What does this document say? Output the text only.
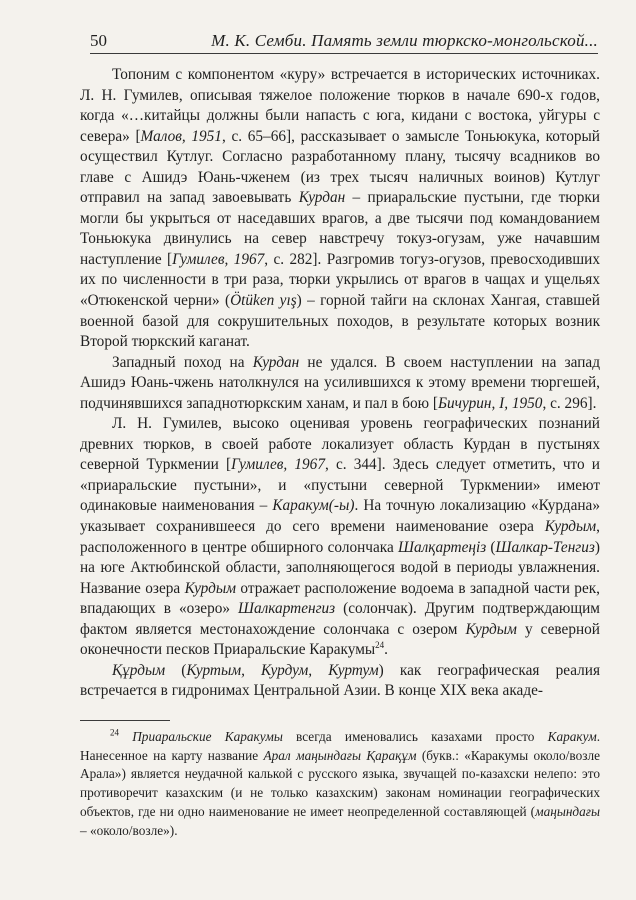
50	М. К. Семби. Память земли тюркско-монгольской...

Топоним с компонентом «куру» встречается в исторических источниках. Л. Н. Гумилев, описывая тяжелое положение тюрков в начале 690-х годов, когда «…китайцы должны были напасть с юга, кидани с востока, уйгуры с севера» [Малов, 1951, с. 65–66], рассказывает о замысле Тоньюкука, который осуществил Кутлуг. Согласно разработанному плану, тысячу всадников во главе с Ашидэ Юань-чженем (из трех тысяч наличных воинов) Кутлуг отправил на запад завоевывать Курдан – приаральские пустыни, где тюрки могли бы укрыться от наседавших врагов, а две тысячи под командованием Тоньюкука двинулись на север навстречу токуз-огузам, уже начавшим наступление [Гумилев, 1967, с. 282]. Разгромив тогуз-огузов, превосходивших их по численности в три раза, тюрки укрылись от врагов в чащах и ущельях «Отюкенской черни» (Ötüken yış) – горной тайги на склонах Хангая, ставшей военной базой для сокрушительных походов, в результате которых возник Второй тюркский каганат.

Западный поход на Курдан не удался. В своем наступлении на запад Ашидэ Юань-чжень натолкнулся на усилившихся к этому времени тюргешей, подчинявшихся западнотюркским ханам, и пал в бою [Бичурин, I, 1950, с. 296].

Л. Н. Гумилев, высоко оценивая уровень географических познаний древних тюрков, в своей работе локализует область Курдан в пустынях северной Туркмении [Гумилев, 1967, с. 344]. Здесь следует отметить, что и «приаральские пустыни», и «пустыни северной Туркмении» имеют одинаковые наименования – Каракум(-ы). На точную локализацию «Курдана» указывает сохранившееся до сего времени наименование озера Курдым, расположенного в центре обширного солончака Шалқартеңіз (Шалкар-Тенгиз) на юге Актюбинской области, заполняющегося водой в периоды увлажнения. Название озера Курдым отражает расположение водоема в западной части рек, впадающих в «озеро» Шалкартенгиз (солончак). Другим подтверждающим фактом является местонахождение солончака с озером Курдым у северной оконечности песков Приаральские Каракумы$^{24}$.

Құрдым (Куртым, Курдум, Куртум) как географическая реалия встречается в гидронимах Центральной Азии. В конце XIX века акаде-

$^{24}$ Приаральские Каракумы всегда именовались казахами просто Каракум. Нанесенное на карту название Арал маңындағы Қарақұм (букв.: «Каракумы около/возле Арала») является неудачной калькой с русского языка, звучащей по-казахски нелепо: это противоречит казахским (и не только казахским) законам номинации географических объектов, где ни одно наименование не имеет неопределенной составляющей (маңындағы – «около/возле»).
